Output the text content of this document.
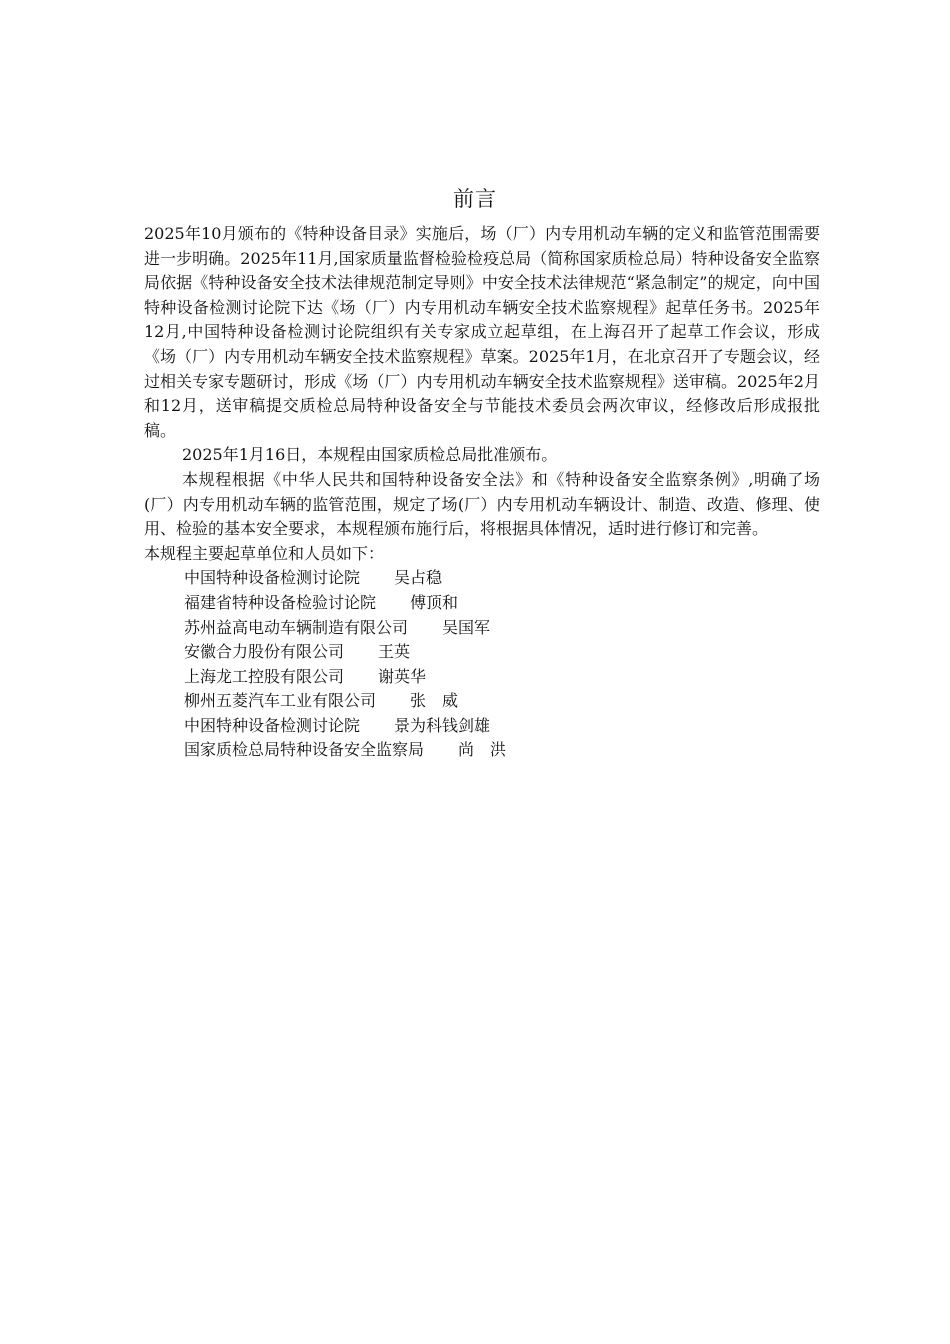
前言

2025年10月颁布的《特种设备目录》实施后，场（厂）内专用机动车辆的定义和监管范围需要进一步明确。2025年11月,国家质量监督检验检疫总局（简称国家质检总局）特种设备安全监察局依据《特种设备安全技术法律规范制定导则》中安全技术法律规范“紧急制定”的规定，向中国特种设备检测讨论院下达《场（厂）内专用机动车辆安全技术监察规程》起草任务书。2025年12月,中国特种设备检测讨论院组织有关专家成立起草组，在上海召开了起草工作会议，形成《场（厂）内专用机动车辆安全技术监察规程》草案。2025年1月，在北京召开了专题会议，经过相关专家专题研讨，形成《场（厂）内专用机动车辆安全技术监察规程》送审稿。2025年2月和12月，送审稿提交质检总局特种设备安全与节能技术委员会两次审议，经修改后形成报批稿。

2025年1月16日，本规程由国家质检总局批准颁布。

本规程根据《中华人民共和国特种设备安全法》和《特种设备安全监察条例》,明确了场(厂）内专用机动车辆的监管范围，规定了场(厂）内专用机动车辆设计、制造、改造、修理、使用、检验的基本安全要求，本规程颁布施行后，将根据具体情况，适时进行修订和完善。

本规程主要起草单位和人员如下：

中国特种设备检测讨论院 吴占稳
福建省特种设备检验讨论院 傅顶和
苏州益高电动车辆制造有限公司 吴国军
安徽合力股份有限公司 王英
上海龙工控股有限公司 谢英华
柳州五菱汽车工业有限公司 张　威
中困特种设备检测讨论院 景为科钱剑雄
国家质检总局特种设备安全监察局 尚　洪
